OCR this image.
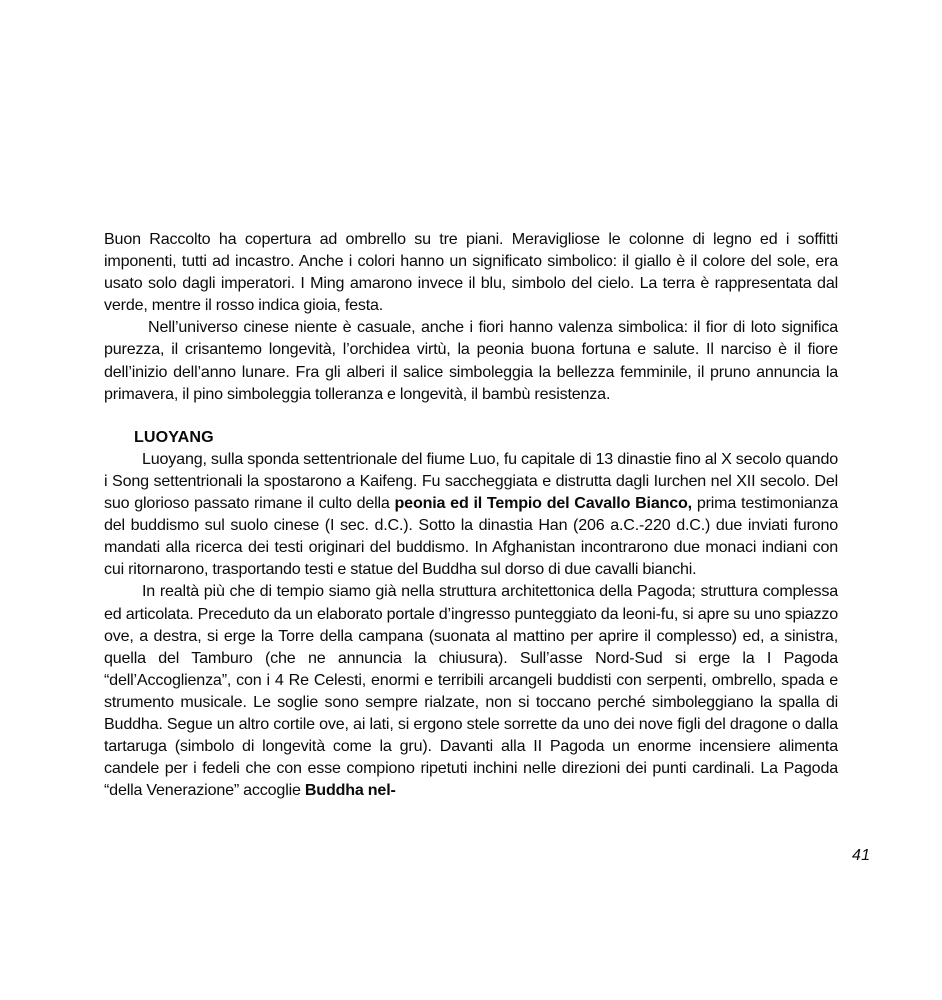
Buon Raccolto ha copertura ad ombrello su tre piani. Meravigliose le colonne di legno ed i soffitti imponenti, tutti ad incastro. Anche i colori hanno un significato simbolico: il giallo è il colore del sole, era usato solo dagli imperatori. I Ming amarono invece il blu, simbolo del cielo. La terra è rappresentata dal verde, mentre il rosso indica gioia, festa.

Nell’universo cinese niente è casuale, anche i fiori hanno valenza simbolica: il fior di loto significa purezza, il crisantemo longevità, l’orchidea virtù, la peonia buona fortuna e salute. Il narciso è il fiore dell’inizio dell’anno lunare. Fra gli alberi il salice simboleggia la bellezza femminile, il pruno annuncia la primavera, il pino simboleggia tolleranza e longevità, il bambù resistenza.

LUOYANG

Luoyang, sulla sponda settentrionale del fiume Luo, fu capitale di 13 dinastie fino al X secolo quando i Song settentrionali la spostarono a Kaifeng. Fu saccheggiata e distrutta dagli Iurchen nel XII secolo. Del suo glorioso passato rimane il culto della peonia ed il Tempio del Cavallo Bianco, prima testimonianza del buddismo sul suolo cinese (I sec. d.C.). Sotto la dinastia Han (206 a.C.-220 d.C.) due inviati furono mandati alla ricerca dei testi originari del buddismo. In Afghanistan incontrarono due monaci indiani con cui ritornarono, trasportando testi e statue del Buddha sul dorso di due cavalli bianchi.

In realtà più che di tempio siamo già nella struttura architettonica della Pagoda; struttura complessa ed articolata. Preceduto da un elaborato portale d’ingresso punteggiato da leoni-fu, si apre su uno spiazzo ove, a destra, si erge la Torre della campana (suonata al mattino per aprire il complesso) ed, a sinistra, quella del Tamburo (che ne annuncia la chiusura). Sull’asse Nord-Sud si erge la I Pagoda “dell’Accoglienza”, con i 4 Re Celesti, enormi e terribili arcangeli buddisti con serpenti, ombrello, spada e strumento musicale. Le soglie sono sempre rialzate, non si toccano perché simboleggiano la spalla di Buddha. Segue un altro cortile ove, ai lati, si ergono stele sorrette da uno dei nove figli del dragone o dalla tartaruga (simbolo di longevità come la gru). Davanti alla II Pagoda un enorme incensiere alimenta candele per i fedeli che con esse compiono ripetuti inchini nelle direzioni dei punti cardinali. La Pagoda “della Venerazione” accoglie Buddha nel-

41
